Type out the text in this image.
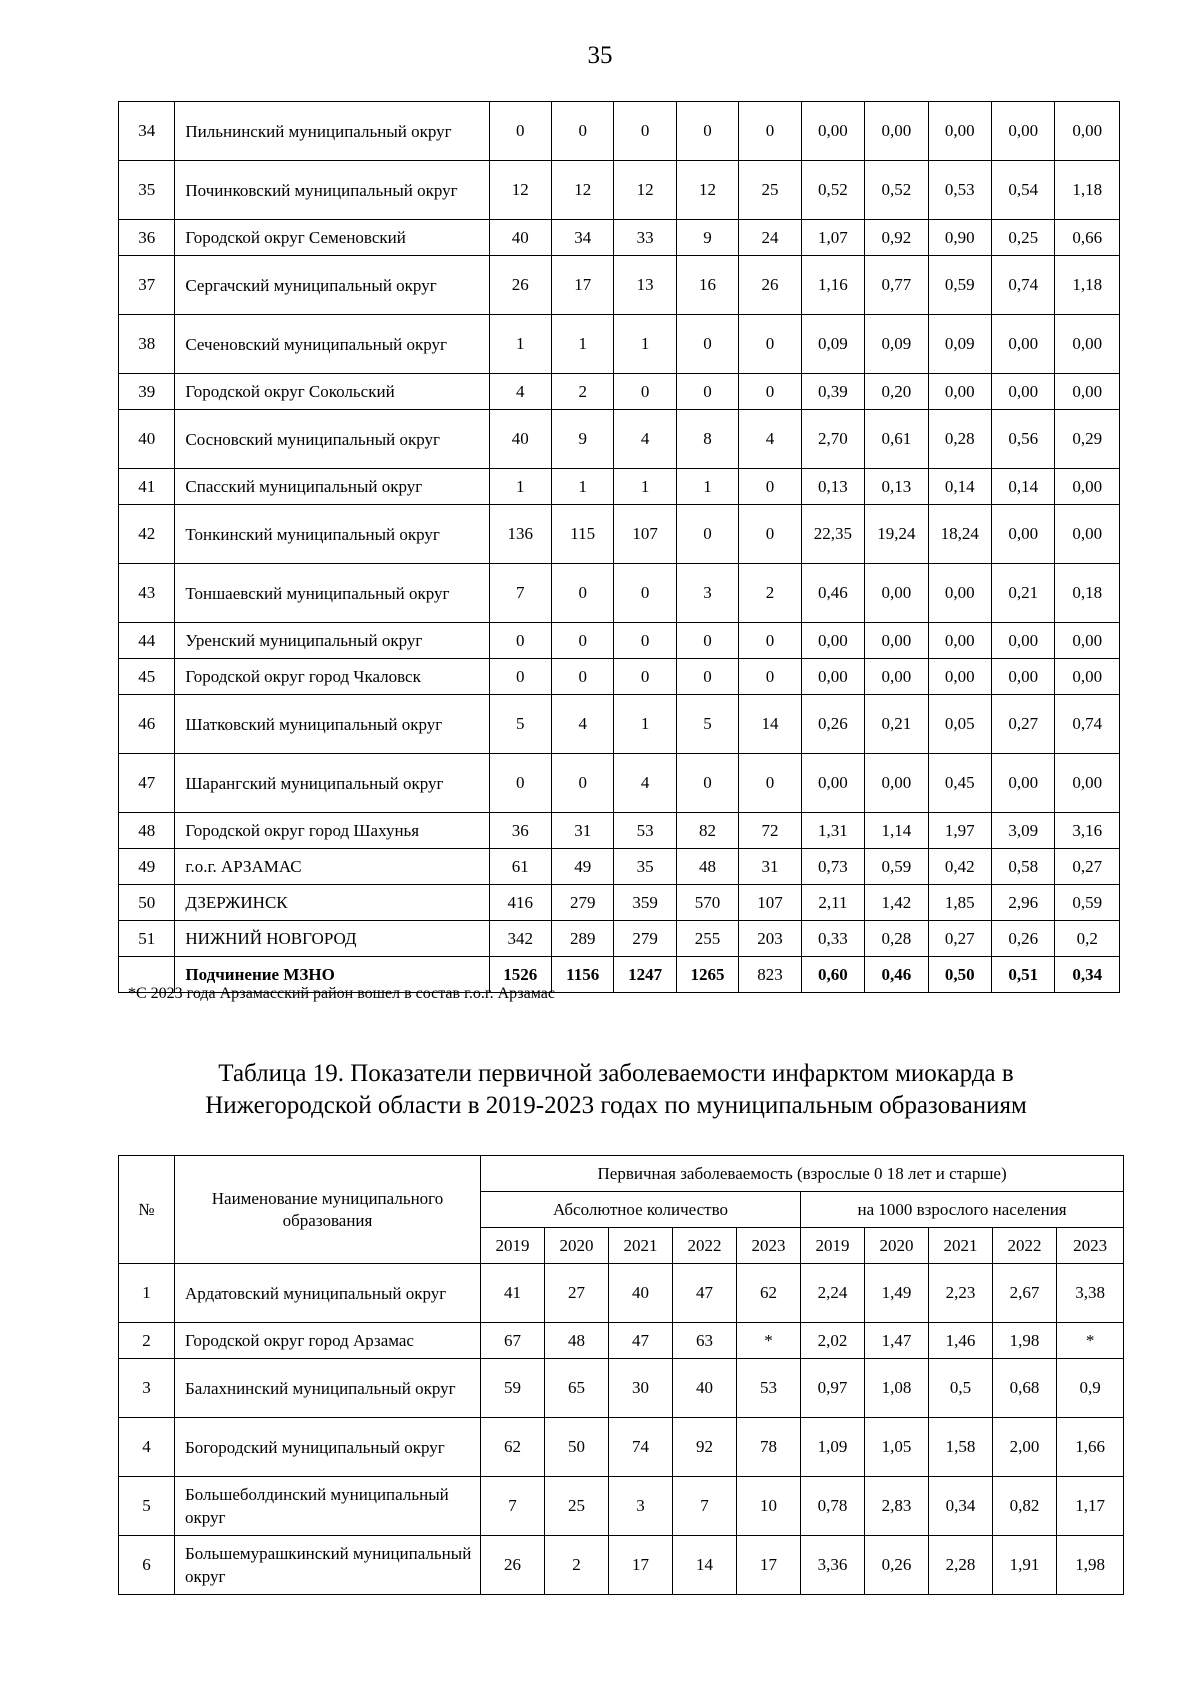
35
34	Пильнинский муниципальный округ	0	0	0	0	0	0,00	0,00	0,00	0,00	0,00
35	Починковский муниципальный округ	12	12	12	12	25	0,52	0,52	0,53	0,54	1,18
36	Городской округ Семеновский	40	34	33	9	24	1,07	0,92	0,90	0,25	0,66
37	Сергачский муниципальный округ	26	17	13	16	26	1,16	0,77	0,59	0,74	1,18
38	Сеченовский муниципальный округ	1	1	1	0	0	0,09	0,09	0,09	0,00	0,00
39	Городской округ Сокольский	4	2	0	0	0	0,39	0,20	0,00	0,00	0,00
40	Сосновский муниципальный округ	40	9	4	8	4	2,70	0,61	0,28	0,56	0,29
41	Спасский муниципальный округ	1	1	1	1	0	0,13	0,13	0,14	0,14	0,00
42	Тонкинский муниципальный округ	136	115	107	0	0	22,35	19,24	18,24	0,00	0,00
43	Тоншаевский муниципальный округ	7	0	0	3	2	0,46	0,00	0,00	0,21	0,18
44	Уренский муниципальный округ	0	0	0	0	0	0,00	0,00	0,00	0,00	0,00
45	Городской округ город Чкаловск	0	0	0	0	0	0,00	0,00	0,00	0,00	0,00
46	Шатковский муниципальный округ	5	4	1	5	14	0,26	0,21	0,05	0,27	0,74
47	Шарангский муниципальный округ	0	0	4	0	0	0,00	0,00	0,45	0,00	0,00
48	Городской округ город Шахунья	36	31	53	82	72	1,31	1,14	1,97	3,09	3,16
49	г.о.г. АРЗАМАС	61	49	35	48	31	0,73	0,59	0,42	0,58	0,27
50	ДЗЕРЖИНСК	416	279	359	570	107	2,11	1,42	1,85	2,96	0,59
51	НИЖНИЙ НОВГОРОД	342	289	279	255	203	0,33	0,28	0,27	0,26	0,2
	Подчинение МЗНО	1526	1156	1247	1265	823	0,60	0,46	0,50	0,51	0,34
*С 2023 года Арзамасский район вошел в состав г.о.г. Арзамас
Таблица 19. Показатели первичной заболеваемости инфарктом миокарда в
Нижегородской области в 2019-2023 годах по муниципальным образованиям
№	Наименование муниципального образования	Первичная заболеваемость (взрослые 0 18 лет и старше)									
		Абсолютное количество					на 1000 взрослого населения				
		2019	2020	2021	2022	2023	2019	2020	2021	2022	2023
1	Ардатовский муниципальный округ	41	27	40	47	62	2,24	1,49	2,23	2,67	3,38
2	Городской округ город Арзамас	67	48	47	63	*	2,02	1,47	1,46	1,98	*
3	Балахнинский муниципальный округ	59	65	30	40	53	0,97	1,08	0,5	0,68	0,9
4	Богородский муниципальный округ	62	50	74	92	78	1,09	1,05	1,58	2,00	1,66
5	Большеболдинский муниципальный округ	7	25	3	7	10	0,78	2,83	0,34	0,82	1,17
6	Большемурашкинский муниципальный округ	26	2	17	14	17	3,36	0,26	2,28	1,91	1,98
